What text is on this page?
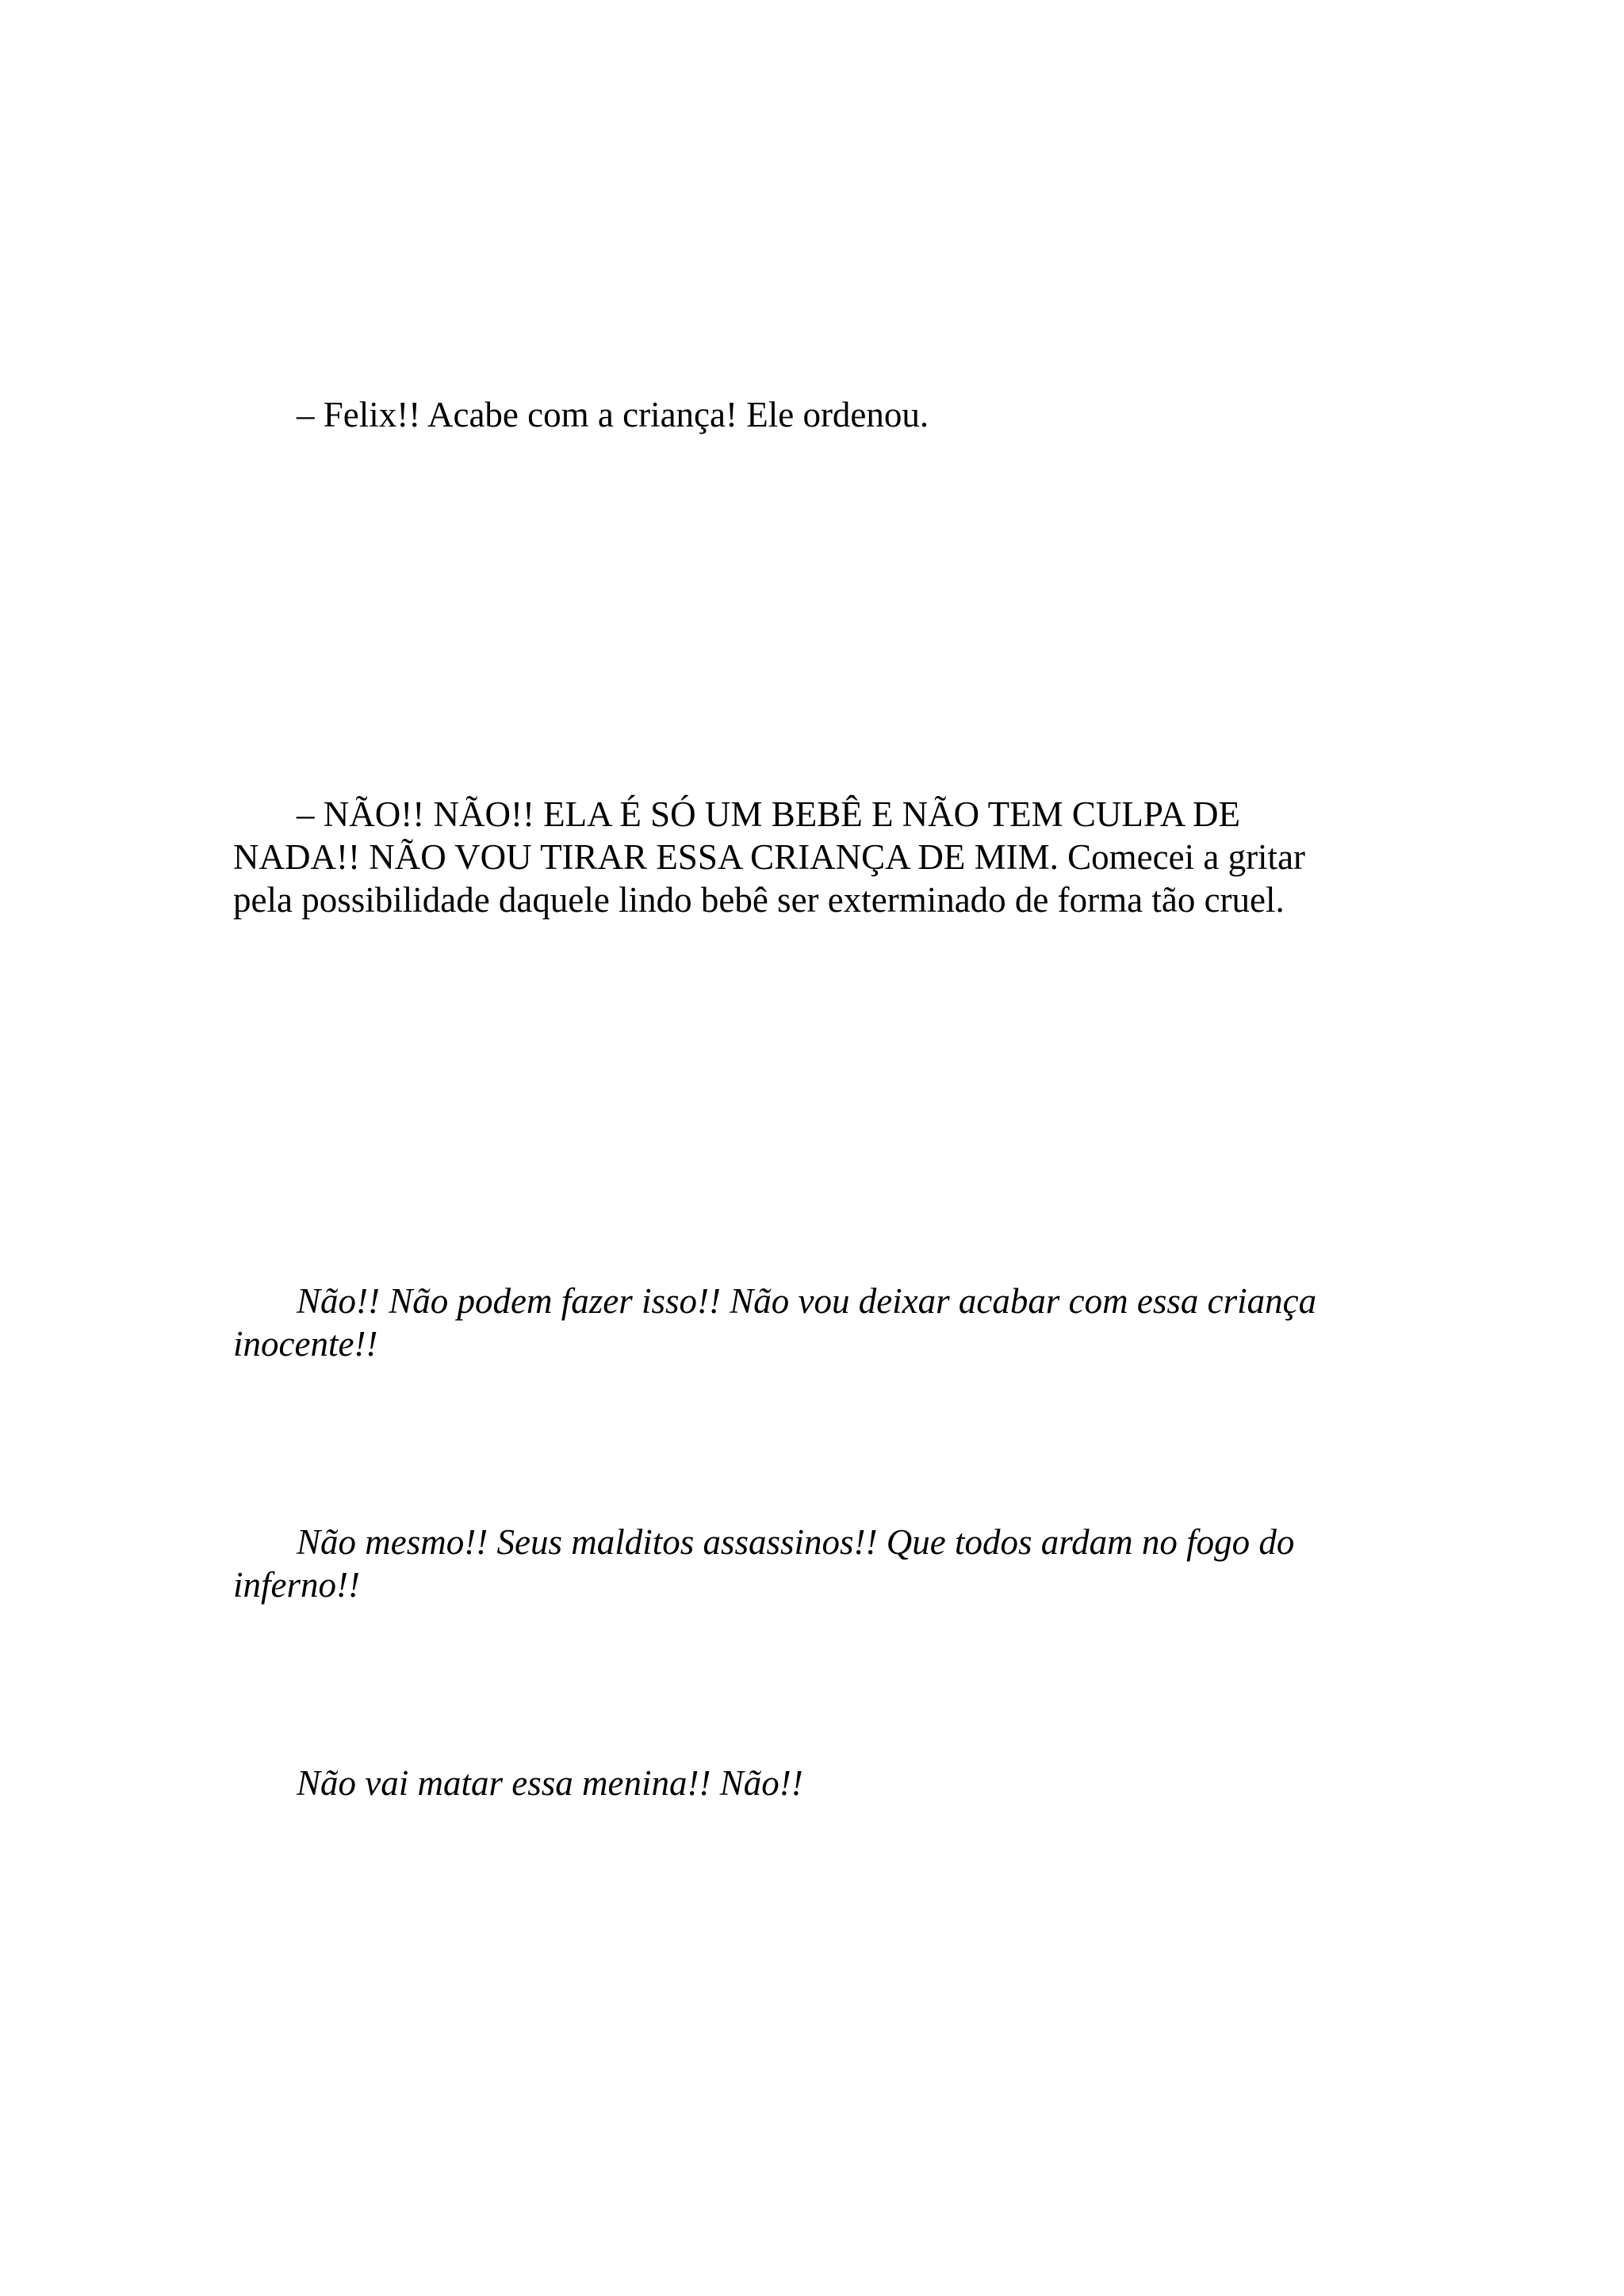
– Felix!! Acabe com a criança! Ele ordenou.

– NÃO!! NÃO!! ELA É SÓ UM BEBÊ E NÃO TEM CULPA DE
NADA!! NÃO VOU TIRAR ESSA CRIANÇA DE MIM. Comecei a gritar
pela possibilidade daquele lindo bebê ser exterminado de forma tão cruel.

Não!! Não podem fazer isso!! Não vou deixar acabar com essa criança
inocente!!

Não mesmo!! Seus malditos assassinos!! Que todos ardam no fogo do
inferno!!

Não vai matar essa menina!! Não!!
